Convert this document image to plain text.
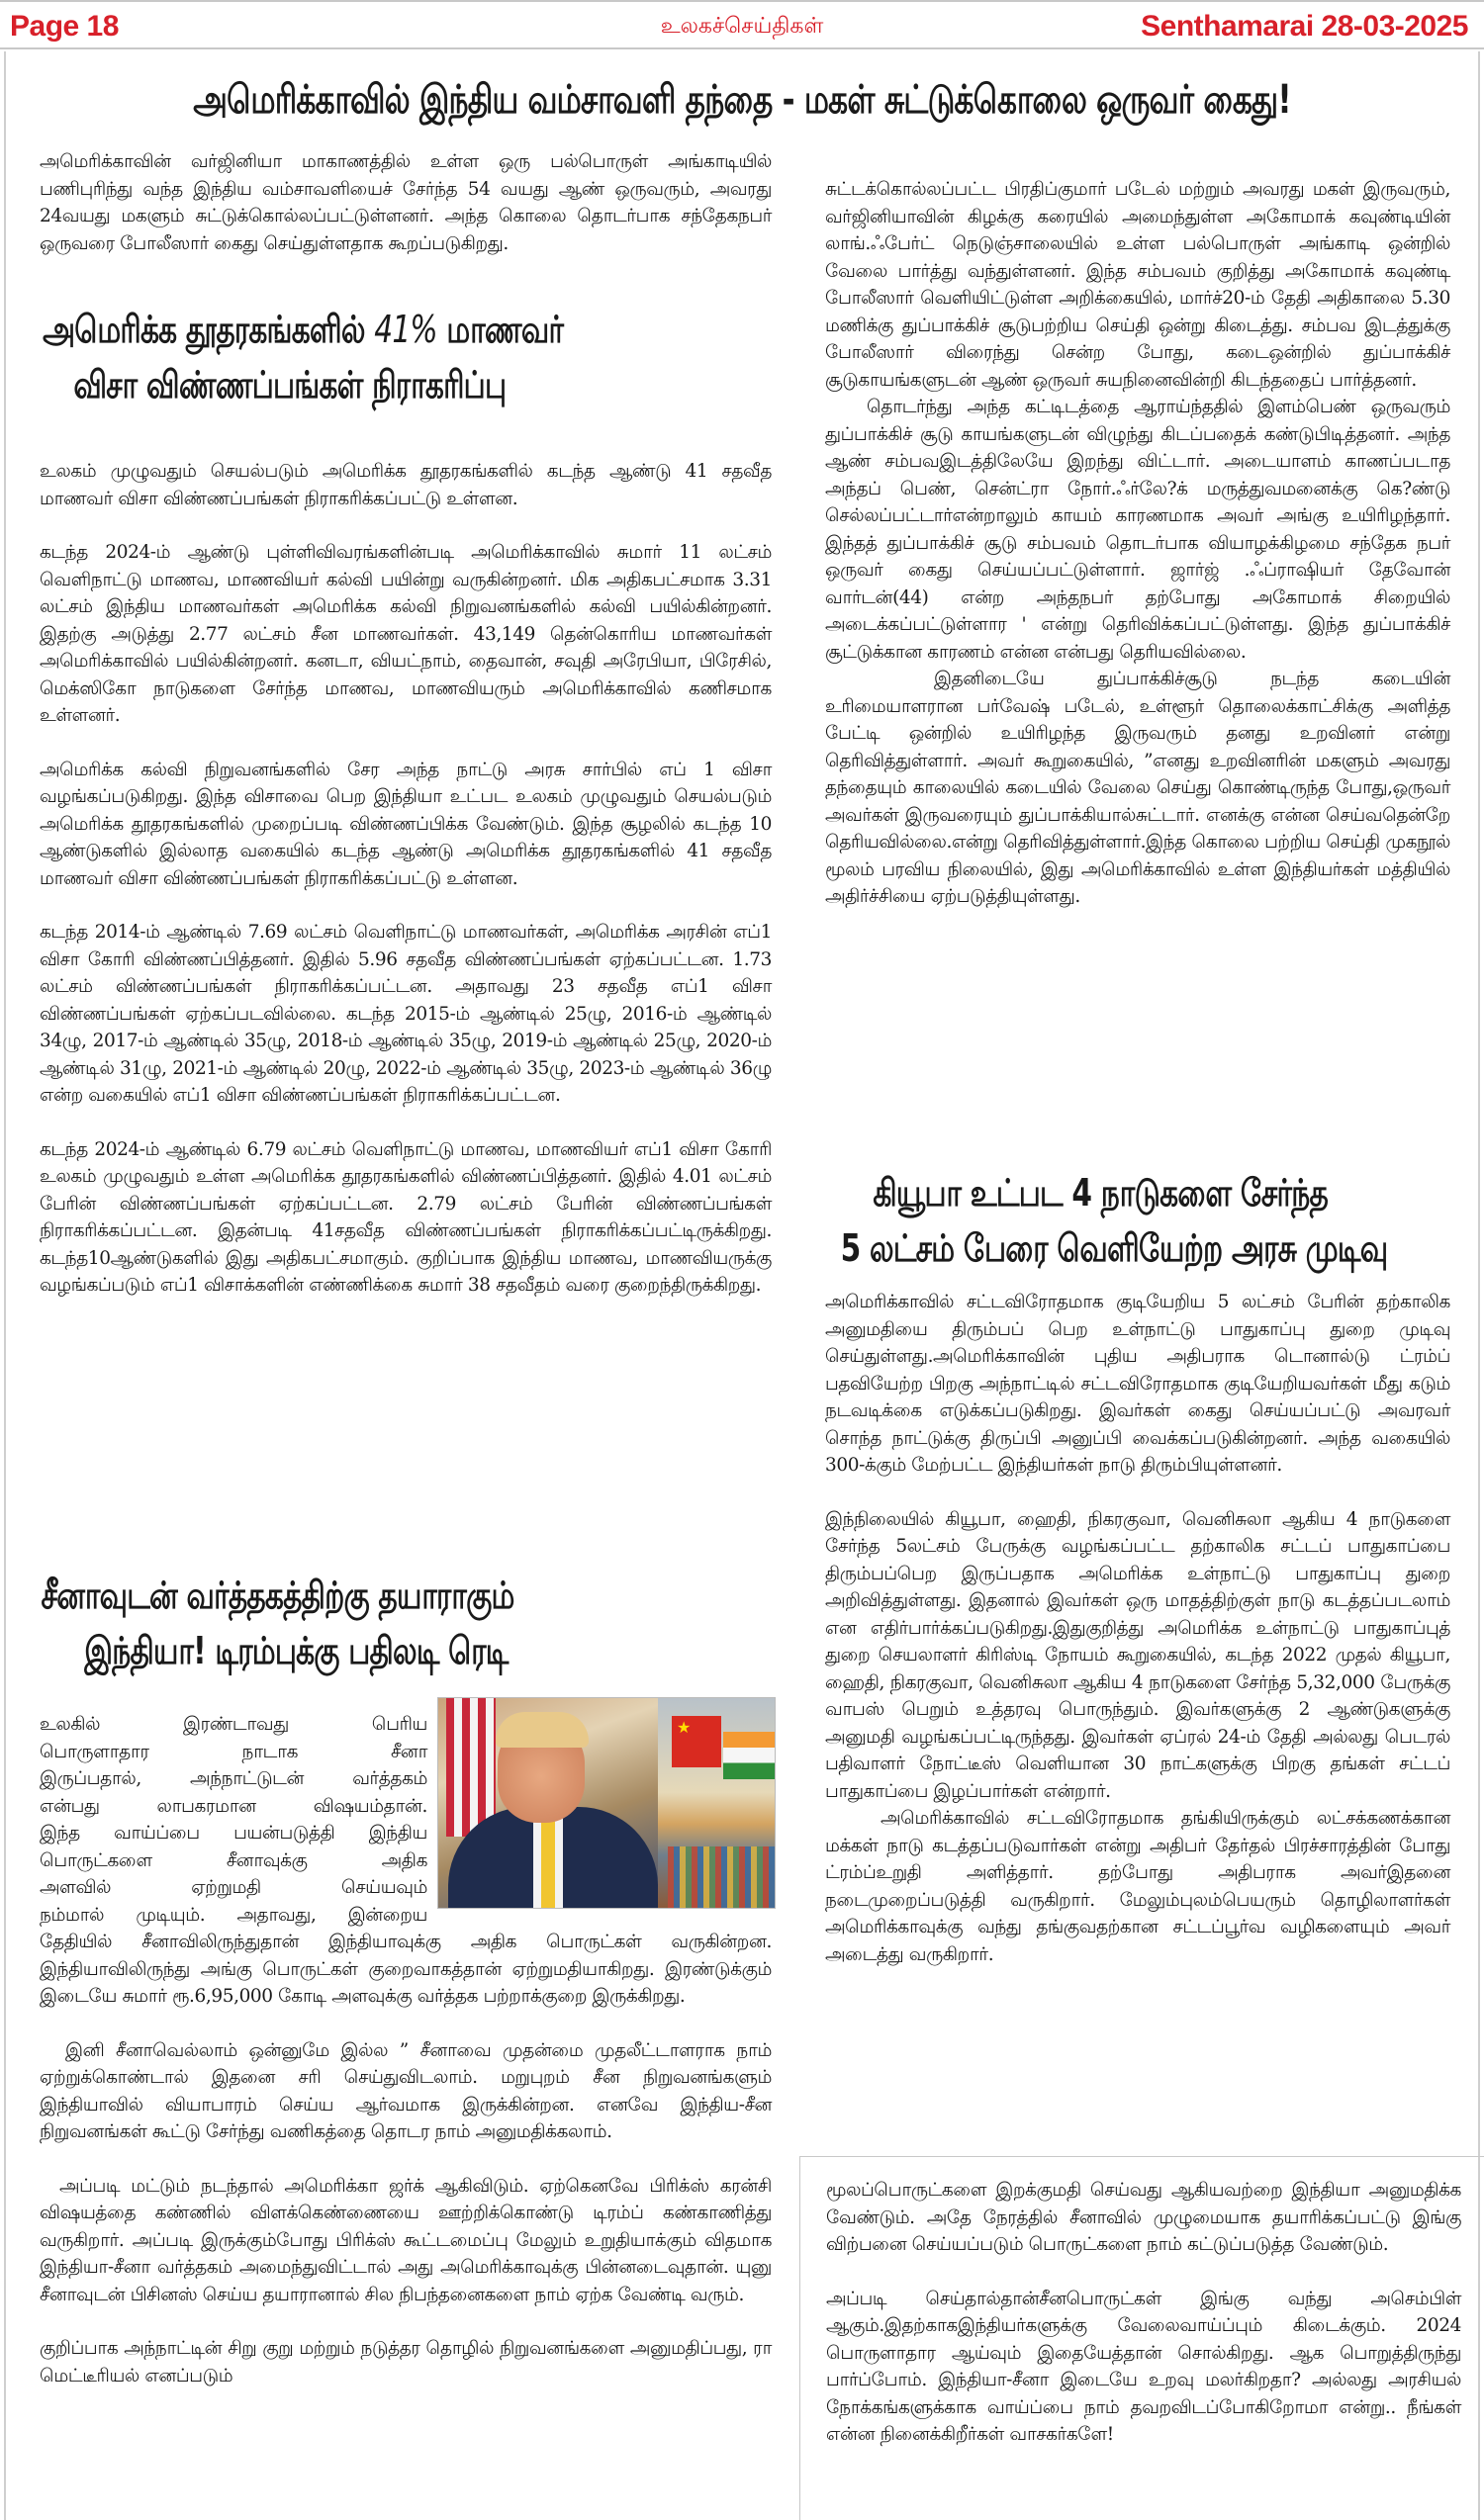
Page 18	உலகச்செய்திகள்	Senthamarai 28-03-2025
அமெரிக்காவில் இந்திய வம்சாவளி தந்தை - மகள் சுட்டுக்கொலை ஒருவர் கைது!

அமெரிக்காவின் வர்ஜினியா மாகாணத்தில் உள்ள ஒரு பல்பொருள் அங்காடியில் பணிபுரிந்து வந்த இந்திய வம்சாவளியைச் சேர்ந்த 54 வயது ஆண் ஒருவரும், அவரது 24வயது மகளும் சுட்டுக்கொல்லப்பட்டுள்ளனர். அந்த கொலை தொடர்பாக சந்தேகநபர் ஒருவரை போலீஸார் கைது செய்துள்ளதாக கூறப்படுகிறது.

அமெரிக்க தூதரகங்களில் 41% மாணவர்
விசா விண்ணப்பங்கள் நிராகரிப்பு

உலகம் முழுவதும் செயல்படும் அமெரிக்க தூதரகங்களில் கடந்த ஆண்டு 41 சதவீத மாணவர் விசா விண்ணப்பங்கள் நிராகரிக்கப்பட்டு உள்ளன.

கடந்த 2024-ம் ஆண்டு புள்ளிவிவரங்களின்படி அமெரிக்காவில் சுமார் 11 லட்சம் வெளிநாட்டு மாணவ, மாணவியர் கல்வி பயின்று வருகின்றனர். மிக அதிகபட்சமாக 3.31 லட்சம் இந்திய மாணவர்கள் அமெரிக்க கல்வி நிறுவனங்களில் கல்வி பயில்கின்றனர். இதற்கு அடுத்து 2.77 லட்சம் சீன மாணவர்கள். 43,149 தென்கொரிய மாணவர்கள் அமெரிக்காவில் பயில்கின்றனர். கனடா, வியட்நாம், தைவான், சவுதி அரேபியா, பிரேசில், மெக்ஸிகோ நாடுகளை சேர்ந்த மாணவ, மாணவியரும் அமெரிக்காவில் கணிசமாக உள்ளனர்.

அமெரிக்க கல்வி நிறுவனங்களில் சேர அந்த நாட்டு அரசு சார்பில் எப் 1 விசா வழங்கப்படுகிறது. இந்த விசாவை பெற இந்தியா உட்பட உலகம் முழுவதும் செயல்படும் அமெரிக்க தூதரகங்களில் முறைப்படி விண்ணப்பிக்க வேண்டும். இந்த சூழலில் கடந்த 10 ஆண்டுகளில் இல்லாத வகையில் கடந்த ஆண்டு அமெரிக்க தூதரகங்களில் 41 சதவீத மாணவர் விசா விண்ணப்பங்கள் நிராகரிக்கப்பட்டு உள்ளன.

கடந்த 2014-ம் ஆண்டில் 7.69 லட்சம் வெளிநாட்டு மாணவர்கள், அமெரிக்க அரசின் எப்1 விசா கோரி விண்ணப்பித்தனர். இதில் 5.96 சதவீத விண்ணப்பங்கள் ஏற்கப்பட்டன. 1.73 லட்சம் விண்ணப்பங்கள் நிராகரிக்கப்பட்டன. அதாவது 23 சதவீத எப்1 விசா விண்ணப்பங்கள் ஏற்கப்படவில்லை. கடந்த 2015-ம் ஆண்டில் 25ழு, 2016-ம் ஆண்டில் 34ழு, 2017-ம் ஆண்டில் 35ழு, 2018-ம் ஆண்டில் 35ழு, 2019-ம் ஆண்டில் 25ழு, 2020-ம் ஆண்டில் 31ழு, 2021-ம் ஆண்டில் 20ழு, 2022-ம் ஆண்டில் 35ழு, 2023-ம் ஆண்டில் 36ழு என்ற வகையில் எப்1 விசா விண்ணப்பங்கள் நிராகரிக்கப்பட்டன.

கடந்த 2024-ம் ஆண்டில் 6.79 லட்சம் வெளிநாட்டு மாணவ, மாணவியர் எப்1 விசா கோரி உலகம் முழுவதும் உள்ள அமெரிக்க தூதரகங்களில் விண்ணப்பித்தனர். இதில் 4.01 லட்சம் பேரின் விண்ணப்பங்கள் ஏற்கப்பட்டன. 2.79 லட்சம் பேரின் விண்ணப்பங்கள் நிராகரிக்கப்பட்டன. இதன்படி 41சதவீத விண்ணப்பங்கள் நிராகரிக்கப்பட்டிருக்கிறது. கடந்த10ஆண்டுகளில் இது அதிகபட்சமாகும். குறிப்பாக இந்திய மாணவ, மாணவியருக்கு வழங்கப்படும் எப்1 விசாக்களின் எண்ணிக்கை சுமார் 38 சதவீதம் வரை குறைந்திருக்கிறது.

சீனாவுடன் வர்த்தகத்திற்கு தயாராகும்
இந்தியா! டிரம்புக்கு பதிலடி ரெடி
★

உலகில் இரண்டாவது பெரிய

பொருளாதார நாடாக சீனா

இருப்பதால், அந்நாட்டுடன் வர்த்தகம்

என்பது லாபகரமான விஷயம்தான்.

இந்த வாய்ப்பை பயன்படுத்தி இந்திய

பொருட்களை சீனாவுக்கு அதிக

அளவில் ஏற்றுமதி செய்யவும்

நம்மால் முடியும். அதாவது, இன்றைய

தேதியில் சீனாவிலிருந்துதான் இந்தியாவுக்கு அதிக பொருட்கள் வருகின்றன. இந்தியாவிலிருந்து அங்கு பொருட்கள் குறைவாகத்தான் ஏற்றுமதியாகிறது. இரண்டுக்கும் இடையே சுமார் ரூ.6,95,000 கோடி அளவுக்கு வர்த்தக பற்றாக்குறை இருக்கிறது.

இனி சீனாவெல்லாம் ஒன்னுமே இல்ல ” சீனாவை முதன்மை முதலீட்டாளராக நாம் ஏற்றுக்கொண்டால் இதனை சரி செய்துவிடலாம். மறுபுறம் சீன நிறுவனங்களும் இந்தியாவில் வியாபாரம் செய்ய ஆர்வமாக இருக்கின்றன. எனவே இந்திய-சீன நிறுவனங்கள் கூட்டு சேர்ந்து வணிகத்தை தொடர நாம் அனுமதிக்கலாம்.

அப்படி மட்டும் நடந்தால் அமெரிக்கா ஜர்க் ஆகிவிடும். ஏற்கெனவே பிரிக்ஸ் கரன்சி விஷயத்தை கண்ணில் விளக்கெண்ணையை ஊற்றிக்கொண்டு டிரம்ப் கண்காணித்து வருகிறார். அப்படி இருக்கும்போது பிரிக்ஸ் கூட்டமைப்பு மேலும் உறுதியாக்கும் விதமாக இந்தியா-சீனா வர்த்தகம் அமைந்துவிட்டால் அது அமெரிக்காவுக்கு பின்னடைவுதான். யுனு சீனாவுடன் பிசினஸ் செய்ய தயாரானால் சில நிபந்தனைகளை நாம் ஏற்க வேண்டி வரும்.

குறிப்பாக அந்நாட்டின் சிறு குறு மற்றும் நடுத்தர தொழில் நிறுவனங்களை அனுமதிப்பது, ரா மெட்டீரியல் எனப்படும்

சுட்டக்கொல்லப்பட்ட பிரதிப்குமார் படேல் மற்றும் அவரது மகள் இருவரும், வர்ஜினியாவின் கிழக்கு கரையில் அமைந்துள்ள அகோமாக் கவுண்டியின் லாங்.ஃபேர்ட் நெடுஞ்சாலையில் உள்ள பல்பொருள் அங்காடி ஒன்றில் வேலை பார்த்து வந்துள்ளனர். இந்த சம்பவம் குறித்து அகோமாக் கவுண்டி போலீஸார் வெளியிட்டுள்ள அறிக்கையில், மார்ச்20-ம் தேதி அதிகாலை 5.30 மணிக்கு துப்பாக்கிச் சூடுபற்றிய செய்தி ஒன்று கிடைத்து. சம்பவ இடத்துக்கு போலீஸார் விரைந்து சென்ற போது, கடைஒன்றில் துப்பாக்கிச் சூடுகாயங்களுடன் ஆண் ஒருவர் சுயநினைவின்றி கிடந்ததைப் பார்த்தனர்.

தொடர்ந்து அந்த கட்டிடத்தை ஆராய்ந்ததில் இளம்பெண் ஒருவரும் துப்பாக்கிச் சூடு காயங்களுடன் விழுந்து கிடப்பதைக் கண்டுபிடித்தனர். அந்த ஆண் சம்பவஇடத்திலேயே இறந்து விட்டார். அடையாளம் காணப்படாத அந்தப் பெண், சென்ட்ரா நோர்.ஃர்லே?க் மருத்துவமனைக்கு கெ?ண்டு செல்லப்பட்டார்என்றாலும் காயம் காரணமாக அவர் அங்கு உயிரிழந்தார். இந்தத் துப்பாக்கிச் சூடு சம்பவம் தொடர்பாக வியாழக்கிழமை சந்தேக நபர் ஒருவர் கைது செய்யப்பட்டுள்ளார். ஜார்ஜ் .ஃப்ராஷியர் தேவோன் வார்டன்(44) என்ற அந்தநபர் தற்போது அகோமாக் சிறையில் அடைக்கப்பட்டுள்ளார ' என்று தெரிவிக்கப்பட்டுள்ளது. இந்த துப்பாக்கிச் சூட்டுக்கான காரணம் என்ன என்பது தெரியவில்லை.

இதனிடையே துப்பாக்கிச்சூடு நடந்த கடையின் உரிமையாளரான பர்வேஷ் படேல், உள்ளூர் தொலைக்காட்சிக்கு அளித்த பேட்டி ஒன்றில் உயிரிழந்த இருவரும் தனது உறவினர் என்று தெரிவித்துள்ளார். அவர் கூறுகையில், ”எனது உறவினரின் மகளும் அவரது தந்தையும் காலையில் கடையில் வேலை செய்து கொண்டிருந்த போது,ஒருவர் அவர்கள் இருவரையும் துப்பாக்கியால்சுட்டார். எனக்கு என்ன செய்வதென்றே தெரியவில்லை.என்று தெரிவித்துள்ளார்.இந்த கொலை பற்றிய செய்தி முகநூல் மூலம் பரவிய நிலையில், இது அமெரிக்காவில் உள்ள இந்தியர்கள் மத்தியில் அதிர்ச்சியை ஏற்படுத்தியுள்ளது.

கியூபா உட்பட 4 நாடுகளை சேர்ந்த
5 லட்சம் பேரை வெளியேற்ற அரசு முடிவு

அமெரிக்காவில் சட்டவிரோதமாக குடியேறிய 5 லட்சம் பேரின் தற்காலிக அனுமதியை திரும்பப் பெற உள்நாட்டு பாதுகாப்பு துறை முடிவு செய்துள்ளது.அமெரிக்காவின் புதிய அதிபராக டொனால்டு ட்ரம்ப் பதவியேற்ற பிறகு அந்நாட்டில் சட்டவிரோதமாக குடியேறியவர்கள் மீது கடும் நடவடிக்கை எடுக்கப்படுகிறது. இவர்கள் கைது செய்யப்பட்டு அவரவர் சொந்த நாட்டுக்கு திருப்பி அனுப்பி வைக்கப்படுகின்றனர். அந்த வகையில் 300-க்கும் மேற்பட்ட இந்தியர்கள் நாடு திரும்பியுள்ளனர்.

இந்நிலையில் கியூபா, ஹைதி, நிகரகுவா, வெனிசுலா ஆகிய 4 நாடுகளை சேர்ந்த 5லட்சம் பேருக்கு வழங்கப்பட்ட தற்காலிக சட்டப் பாதுகாப்பை திரும்பப்பெற இருப்பதாக அமெரிக்க உள்நாட்டு பாதுகாப்பு துறை அறிவித்துள்ளது. இதனால் இவர்கள் ஒரு மாதத்திற்குள் நாடு கடத்தப்படலாம் என எதிர்பார்க்கப்படுகிறது.இதுகுறித்து அமெரிக்க உள்நாட்டு பாதுகாப்புத் துறை செயலாளர் கிரிஸ்டி நோயம் கூறுகையில், கடந்த 2022 முதல் கியூபா, ஹைதி, நிகரகுவா, வெனிசுலா ஆகிய 4 நாடுகளை சேர்ந்த 5,32,000 பேருக்கு வாபஸ் பெறும் உத்தரவு பொருந்தும். இவர்களுக்கு 2 ஆண்டுகளுக்கு அனுமதி வழங்கப்பட்டிருந்தது. இவர்கள் ஏப்ரல் 24-ம் தேதி அல்லது பெடரல் பதிவாளர் நோட்டீஸ் வெளியான 30 நாட்களுக்கு பிறகு தங்கள் சட்டப் பாதுகாப்பை இழப்பார்கள் என்றார்.

அமெரிக்காவில் சட்டவிரோதமாக தங்கியிருக்கும் லட்சக்கணக்கான மக்கள் நாடு கடத்தப்படுவார்கள் என்று அதிபர் தேர்தல் பிரச்சாரத்தின் போது ட்ரம்ப்உறுதி அளித்தார். தற்போது அதிபராக அவர்இதனை நடைமுறைப்படுத்தி வருகிறார். மேலும்புலம்பெயரும் தொழிலாளர்கள் அமெரிக்காவுக்கு வந்து தங்குவதற்கான சட்டப்பூர்வ வழிகளையும் அவர் அடைத்து வருகிறார்.

மூலப்பொருட்களை இறக்குமதி செய்வது ஆகியவற்றை இந்தியா அனுமதிக்க வேண்டும். அதே நேரத்தில் சீனாவில் முழுமையாக தயாரிக்கப்பட்டு இங்கு விற்பனை செய்யப்படும் பொருட்களை நாம் கட்டுப்படுத்த வேண்டும்.

அப்படி செய்தால்தான்சீனபொருட்கள் இங்கு வந்து அசெம்பிள் ஆகும்.இதற்காகஇந்தியர்களுக்கு வேலைவாய்ப்பும் கிடைக்கும். 2024 பொருளாதார ஆய்வும் இதையேத்தான் சொல்கிறது. ஆக பொறுத்திருந்து பார்ப்போம். இந்தியா-சீனா இடையே உறவு மலர்கிறதா? அல்லது அரசியல் நோக்கங்களுக்காக வாய்ப்பை நாம் தவறவிடப்போகிறோமா என்று.. நீங்கள் என்ன நினைக்கிறீர்கள் வாசகர்களே!
